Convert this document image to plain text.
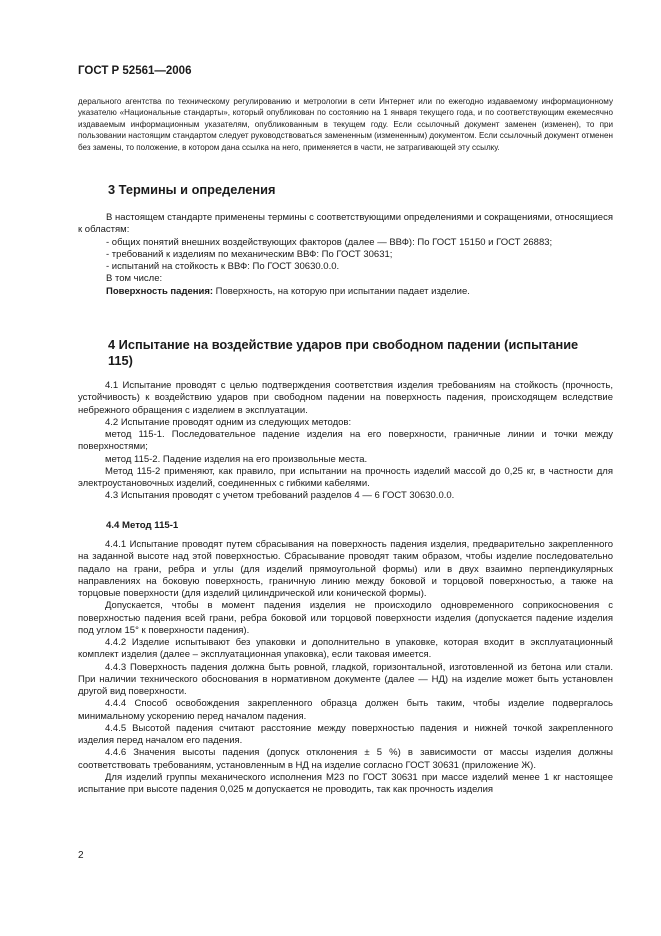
ГОСТ Р 52561—2006
дерального агентства по техническому регулированию и метрологии в сети Интернет или по ежегодно издаваемому информационному указателю «Национальные стандарты», который опубликован по состоянию на 1 января текущего года, и по соответствующим ежемесячно издаваемым информационным указателям, опубликованным в текущем году. Если ссылочный документ заменен (изменен), то при пользовании настоящим стандартом следует руководствоваться замененным (измененным) документом. Если ссылочный документ отменен без замены, то положение, в котором дана ссылка на него, применяется в части, не затрагивающей эту ссылку.
3 Термины и определения

В настоящем стандарте применены термины с соответствующими определениями и сокращениями, относящиеся к областям:

- общих понятий внешних воздействующих факторов (далее — ВВФ): По ГОСТ 15150 и ГОСТ 26883;

- требований к изделиям по механическим ВВФ: По ГОСТ 30631;

- испытаний на стойкость к ВВФ: По ГОСТ 30630.0.0.

В том числе:

Поверхность падения: Поверхность, на которую при испытании падает изделие.

4 Испытание на воздействие ударов при свободном падении (испытание 115)

4.1 Испытание проводят с целью подтверждения соответствия изделия требованиям на стойкость (прочность, устойчивость) к воздействию ударов при свободном падении на поверхность падения, происходящем вследствие небрежного обращения с изделием в эксплуатации.

4.2 Испытание проводят одним из следующих методов:

метод 115-1. Последовательное падение изделия на его поверхности, граничные линии и точки между поверхностями;

метод 115-2. Падение изделия на его произвольные места.

Метод 115-2 применяют, как правило, при испытании на прочность изделий массой до 0,25 кг, в частности для электроустановочных изделий, соединенных с гибкими кабелями.

4.3 Испытания проводят с учетом требований разделов 4 — 6 ГОСТ 30630.0.0.

4.4 Метод 115-1

4.4.1 Испытание проводят путем сбрасывания на поверхность падения изделия, предварительно закрепленного на заданной высоте над этой поверхностью. Сбрасывание проводят таким образом, чтобы изделие последовательно падало на грани, ребра и углы (для изделий прямоугольной формы) или в двух взаимно перпендикулярных направлениях на боковую поверхность, граничную линию между боковой и торцовой поверхностью, а также на торцовые поверхности (для изделий цилиндрической или конической формы).

Допускается, чтобы в момент падения изделия не происходило одновременного соприкосновения с поверхностью падения всей грани, ребра боковой или торцовой поверхности изделия (допускается падение изделия под углом 15° к поверхности падения).

4.4.2 Изделие испытывают без упаковки и дополнительно в упаковке, которая входит в эксплуатационный комплект изделия (далее – эксплуатационная упаковка), если таковая имеется.

4.4.3 Поверхность падения должна быть ровной, гладкой, горизонтальной, изготовленной из бетона или стали. При наличии технического обоснования в нормативном документе (далее — НД) на изделие может быть установлен другой вид поверхности.

4.4.4 Способ освобождения закрепленного образца должен быть таким, чтобы изделие подвергалось минимальному ускорению перед началом падения.

4.4.5 Высотой падения считают расстояние между поверхностью падения и нижней точкой закрепленного изделия перед началом его падения.

4.4.6 Значения высоты падения (допуск отклонения ± 5 %) в зависимости от массы изделия должны соответствовать требованиям, установленным в НД на изделие согласно ГОСТ 30631 (приложение Ж).

Для изделий группы механического исполнения М23 по ГОСТ 30631 при массе изделий менее 1 кг настоящее испытание при высоте падения 0,025 м допускается не проводить, так как прочность изделия

2
